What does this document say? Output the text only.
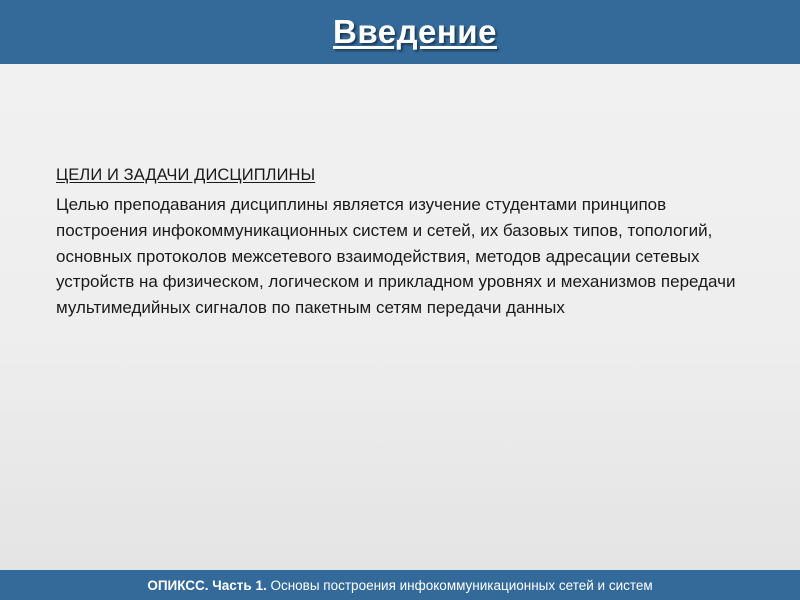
Введение
ЦЕЛИ И ЗАДАЧИ ДИСЦИПЛИНЫ

Целью преподавания дисциплины является изучение студентами принципов построения инфокоммуникационных систем и сетей, их базовых типов, топологий, основных протоколов межсетевого взаимодействия, методов адресации сетевых устройств на физическом, логическом и прикладном уровнях и механизмов передачи мультимедийных сигналов по пакетным сетям передачи данных

ОПИКСС. Часть 1.
Основы построения инфокоммуникационных сетей и систем
